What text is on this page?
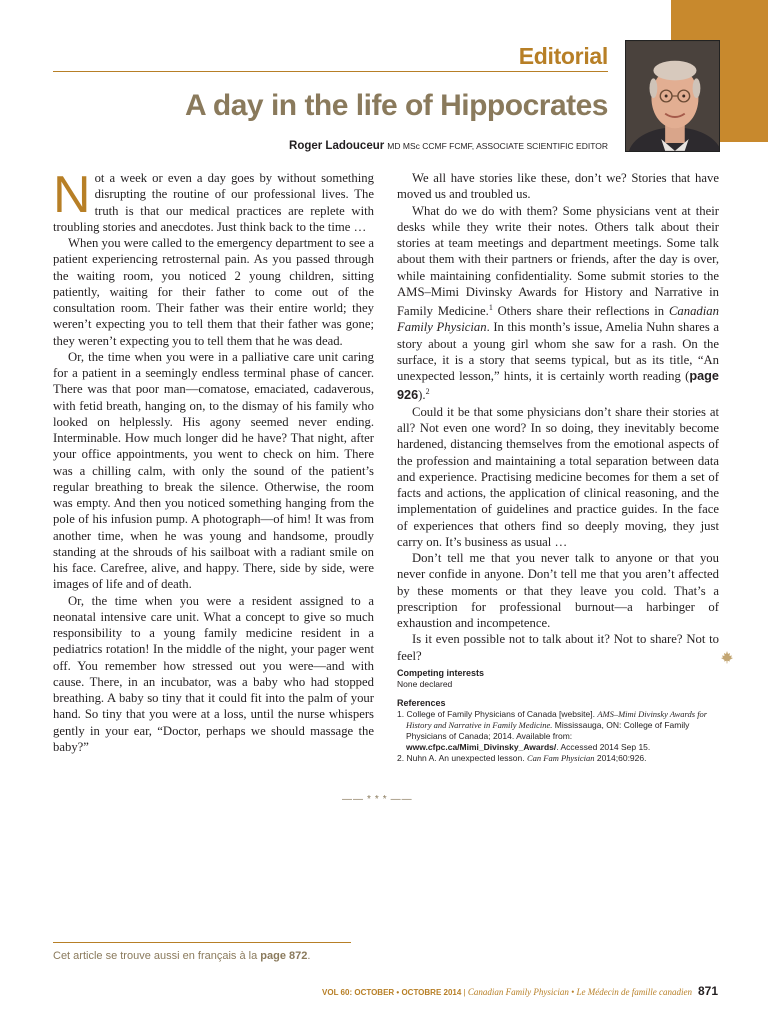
Editorial
A day in the life of Hippocrates
Roger Ladouceur MD MSc CCMF FCMF, ASSOCIATE SCIENTIFIC EDITOR

Not a week or even a day goes by without something disrupting the routine of our professional lives. The truth is that our medical practices are replete with troubling stories and anecdotes. Just think back to the time …

When you were called to the emergency department to see a patient experiencing retrosternal pain. As you passed through the waiting room, you noticed 2 young children, sitting patiently, waiting for their father to come out of the consultation room. Their father was their entire world; they weren’t expecting you to tell them that their father was gone; they weren’t expecting you to tell them that he was dead.

Or, the time when you were in a palliative care unit caring for a patient in a seemingly endless terminal phase of cancer. There was that poor man—comatose, emaciated, cadaverous, with fetid breath, hanging on, to the dismay of his family who looked on helplessly. His agony seemed never ending. Interminable. How much longer did he have? That night, after your office appointments, you went to check on him. There was a chilling calm, with only the sound of the patient’s regular breathing to break the silence. Otherwise, the room was empty. And then you noticed something hanging from the pole of his infusion pump. A photograph—of him! It was from another time, when he was young and handsome, proudly standing at the shrouds of his sailboat with a radiant smile on his face. Carefree, alive, and happy. There, side by side, were images of life and of death.

Or, the time when you were a resident assigned to a neonatal intensive care unit. What a concept to give so much responsibility to a young family medicine resident in a pediatrics rotation! In the middle of the night, your pager went off. You remember how stressed out you were—and with cause. There, in an incubator, was a baby who had stopped breathing. A baby so tiny that it could fit into the palm of your hand. So tiny that you were at a loss, until the nurse whispers gently in your ear, “Doctor, perhaps we should massage the baby?”

We all have stories like these, don’t we? Stories that have moved us and troubled us.

What do we do with them? Some physicians vent at their desks while they write their notes. Others talk about their stories at team meetings and department meetings. Some talk about them with their partners or friends, after the day is over, while maintaining confidentiality. Some submit stories to the AMS–Mimi Divinsky Awards for History and Narrative in Family Medicine.$^1$ Others share their reflections in Canadian Family Physician. In this month’s issue, Amelia Nuhn shares a story about a young girl whom she saw for a rash. On the surface, it is a story that seems typical, but as its title, “An unexpected lesson,” hints, it is certainly worth reading (page 926).$^2$

Could it be that some physicians don’t share their stories at all? Not even one word? In so doing, they inevitably become hardened, distancing themselves from the emotional aspects of the profession and maintaining a total separation between data and experience. Practising medicine becomes for them a set of facts and actions, the application of clinical reasoning, and the implementation of guidelines and practice guides. In the face of experiences that others find so deeply moving, they just carry on. It’s business as usual …

Don’t tell me that you never talk to anyone or that you never confide in anyone. Don’t tell me that you aren’t affected by these moments or that they leave you cold. That’s a prescription for professional burnout—a harbinger of exhaustion and incompetence.

Is it even possible not to talk about it? Not to share? Not to feel?

Competing interests
None declared
References
1. College of Family Physicians of Canada [website]. AMS–Mimi Divinsky Awards for History and Narrative in Family Medicine. Mississauga, ON: College of Family Physicians of Canada; 2014. Available from: www.cfpc.ca/Mimi_Divinsky_Awards/. Accessed 2014 Sep 15.
2. Nuhn A. An unexpected lesson. Can Fam Physician 2014;60:926.
—— * * * ——
Cet article se trouve aussi en français à la page 872.
VOL 60: OCTOBER • OCTOBRE 2014 | Canadian Family Physician • Le Médecin de famille canadien 871
